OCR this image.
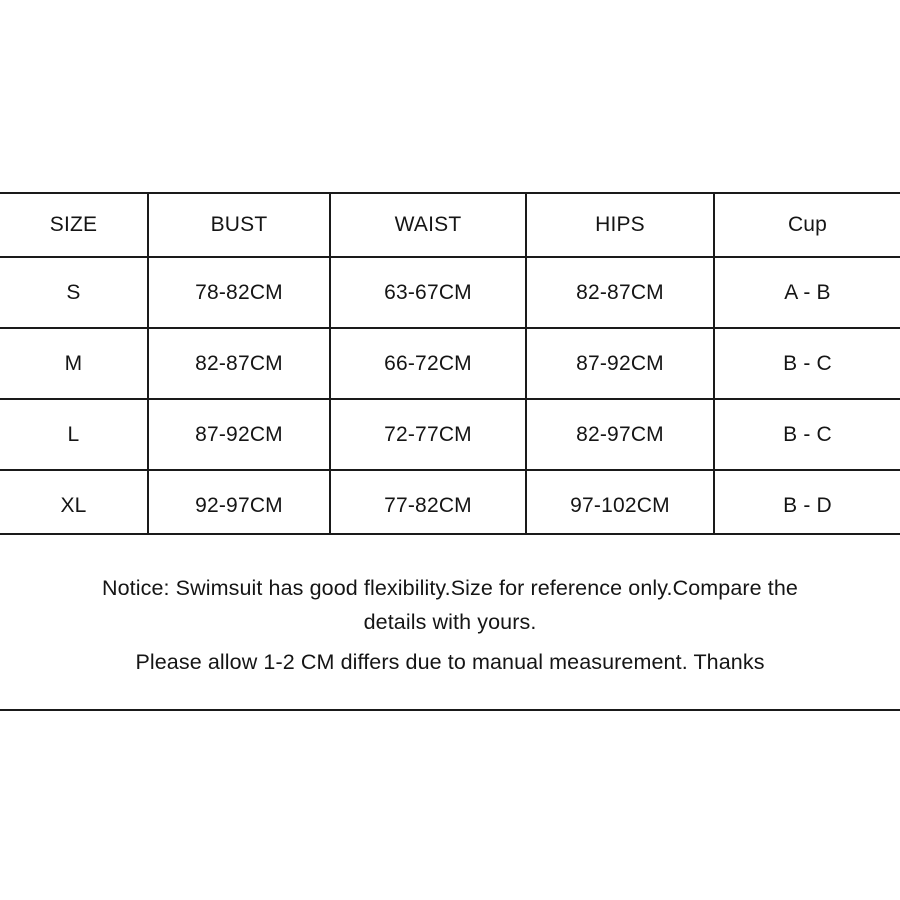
SIZE	BUST	WAIST	HIPS	Cup
S	78-82CM	63-67CM	82-87CM	A - B
M	82-87CM	66-72CM	87-92CM	B - C
L	87-92CM	72-77CM	82-97CM	B - C
XL	92-97CM	77-82CM	97-102CM	B - D
Notice: Swimsuit has good flexibility.Size for reference only.Compare the
details with yours.
Please allow 1-2 CM differs due to manual measurement. Thanks
